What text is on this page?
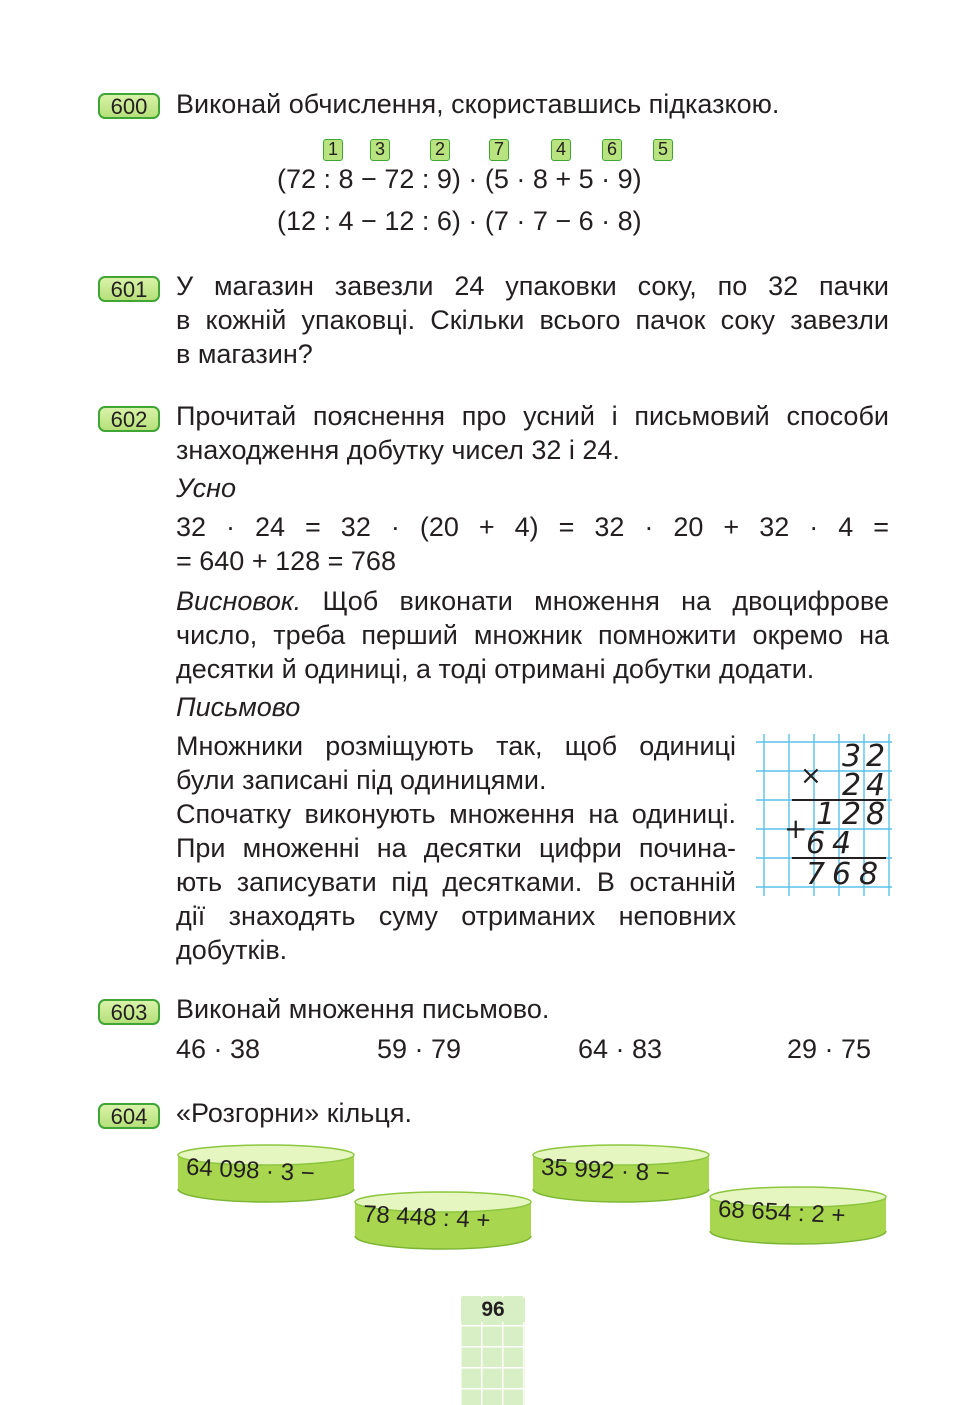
600	Виконай обчислення, скориставшись підказкою.
1 3	2	7	4 6 5
(72 : 8 − 72 : 9) · (5 · 8 + 5 · 9)
(12 : 4 − 12 : 6) · (7 · 7 − 6 · 8)
601	У магазин завезли 24 упаковки соку, по 32 пачки
в кожній упаковці. Скільки всього пачок соку завезли
в магазин?
602	Прочитай пояснення про усний і письмовий способи
знаходження добутку чисел 32 і 24.
Усно
32 · 24 = 32 · (20 + 4) = 32 · 20 + 32 · 4 =
= 640 + 128 = 768
Висновок. Щоб виконати множення на двоцифрове
число, треба перший множник помножити окремо на
десятки й одиниці, а тоді отримані добутки додати.
Письмово
Множники розміщують так, щоб одиниці
були записані під одиницями.
Спочатку виконують множення на одиниці.
При множенні на десятки цифри почина-
ють записувати під десятками. В останній
дії знаходять суму отриманих неповних
добутків.
×
+
3 2
2 4
1 2 8
6 4
7 6 8
603	Виконай множення письмово.
46 · 38	59 · 79	64 · 83	29 · 75
604	«Розгорни» кільця.
64 098 · 3 −
78 448 : 4 +
35 992 · 8 −
68 654 : 2 +
96
